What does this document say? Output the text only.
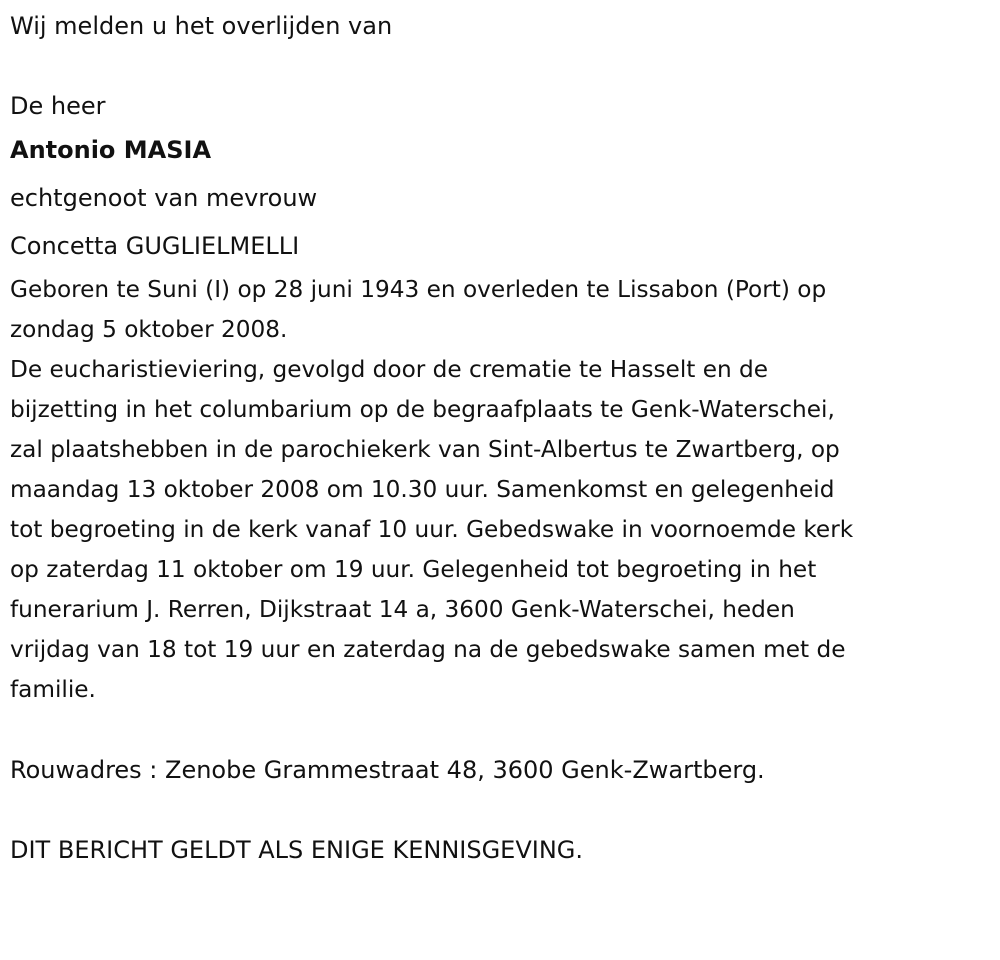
Wij melden u het overlijden van

De heer

Antonio MASIA

echtgenoot van mevrouw

Concetta GUGLIELMELLI

Geboren te Suni (I) op 28 juni 1943 en overleden te Lissabon (Port) op
zondag 5 oktober 2008.
De eucharistieviering, gevolgd door de crematie te Hasselt en de
bijzetting in het columbarium op de begraafplaats te Genk-Waterschei,
zal plaatshebben in de parochiekerk van Sint-Albertus te Zwartberg, op
maandag 13 oktober 2008 om 10.30 uur. Samenkomst en gelegenheid
tot begroeting in de kerk vanaf 10 uur. Gebedswake in voornoemde kerk
op zaterdag 11 oktober om 19 uur. Gelegenheid tot begroeting in het
funerarium J. Rerren, Dijkstraat 14 a, 3600 Genk-Waterschei, heden
vrijdag van 18 tot 19 uur en zaterdag na de gebedswake samen met de
familie.

Rouwadres : Zenobe Grammestraat 48, 3600 Genk-Zwartberg.

DIT BERICHT GELDT ALS ENIGE KENNISGEVING.
